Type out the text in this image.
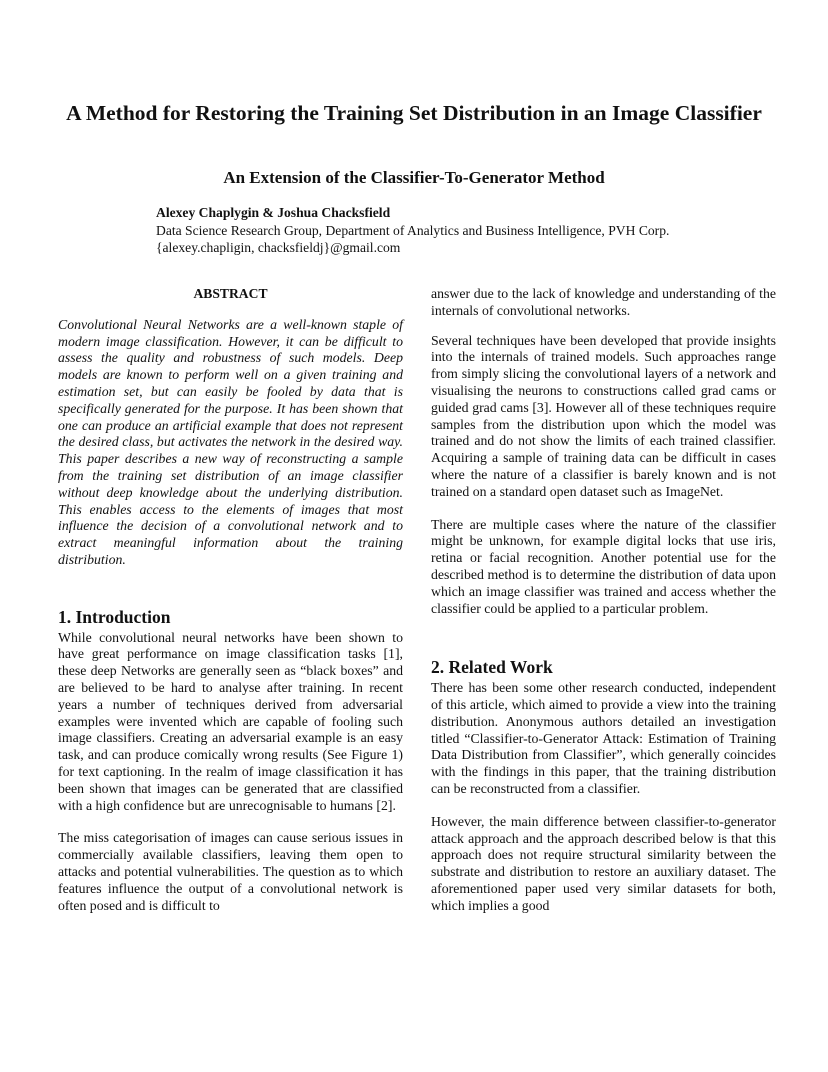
A Method for Restoring the Training Set Distribution in an Image Classifier
An Extension of the Classifier-To-Generator Method
Alexey Chaplygin & Joshua Chacksfield
Data Science Research Group, Department of Analytics and Business Intelligence, PVH Corp.
{alexey.chapligin, chacksfieldj}@gmail.com
ABSTRACT

Convolutional Neural Networks are a well-known staple of modern image classification. However, it can be difficult to assess the quality and robustness of such models. Deep models are known to perform well on a given training and estimation set, but can easily be fooled by data that is specifically generated for the purpose. It has been shown that one can produce an artificial example that does not represent the desired class, but activates the network in the desired way. This paper describes a new way of reconstructing a sample from the training set distribution of an image classifier without deep knowledge about the underlying distribution. This enables access to the elements of images that most influence the decision of a convolutional network and to extract meaningful information about the training distribution.

1. Introduction

While convolutional neural networks have been shown to have great performance on image classification tasks [1], these deep Networks are generally seen as “black boxes” and are believed to be hard to analyse after training. In recent years a number of techniques derived from adversarial examples were invented which are capable of fooling such image classifiers. Creating an adversarial example is an easy task, and can produce comically wrong results (See Figure 1) for text captioning. In the realm of image classification it has been shown that images can be generated that are classified with a high confidence but are unrecognisable to humans [2].

The miss categorisation of images can cause serious issues in commercially available classifiers, leaving them open to attacks and potential vulnerabilities. The question as to which features influence the output of a convolutional network is often posed and is difficult to

answer due to the lack of knowledge and understanding of the internals of convolutional networks.

Several techniques have been developed that provide insights into the internals of trained models. Such approaches range from simply slicing the convolutional layers of a network and visualising the neurons to constructions called grad cams or guided grad cams [3]. However all of these techniques require samples from the distribution upon which the model was trained and do not show the limits of each trained classifier. Acquiring a sample of training data can be difficult in cases where the nature of a classifier is barely known and is not trained on a standard open dataset such as ImageNet.

There are multiple cases where the nature of the classifier might be unknown, for example digital locks that use iris, retina or facial recognition. Another potential use for the described method is to determine the distribution of data upon which an image classifier was trained and access whether the classifier could be applied to a particular problem.

2. Related Work

There has been some other research conducted, independent of this article, which aimed to provide a view into the training distribution. Anonymous authors detailed an investigation titled “Classifier-to-Generator Attack: Estimation of Training Data Distribution from Classifier”, which generally coincides with the findings in this paper, that the training distribution can be reconstructed from a classifier.

However, the main difference between classifier-to-generator attack approach and the approach described below is that this approach does not require structural similarity between the substrate and distribution to restore an auxiliary dataset. The aforementioned paper used very similar datasets for both, which implies a good
